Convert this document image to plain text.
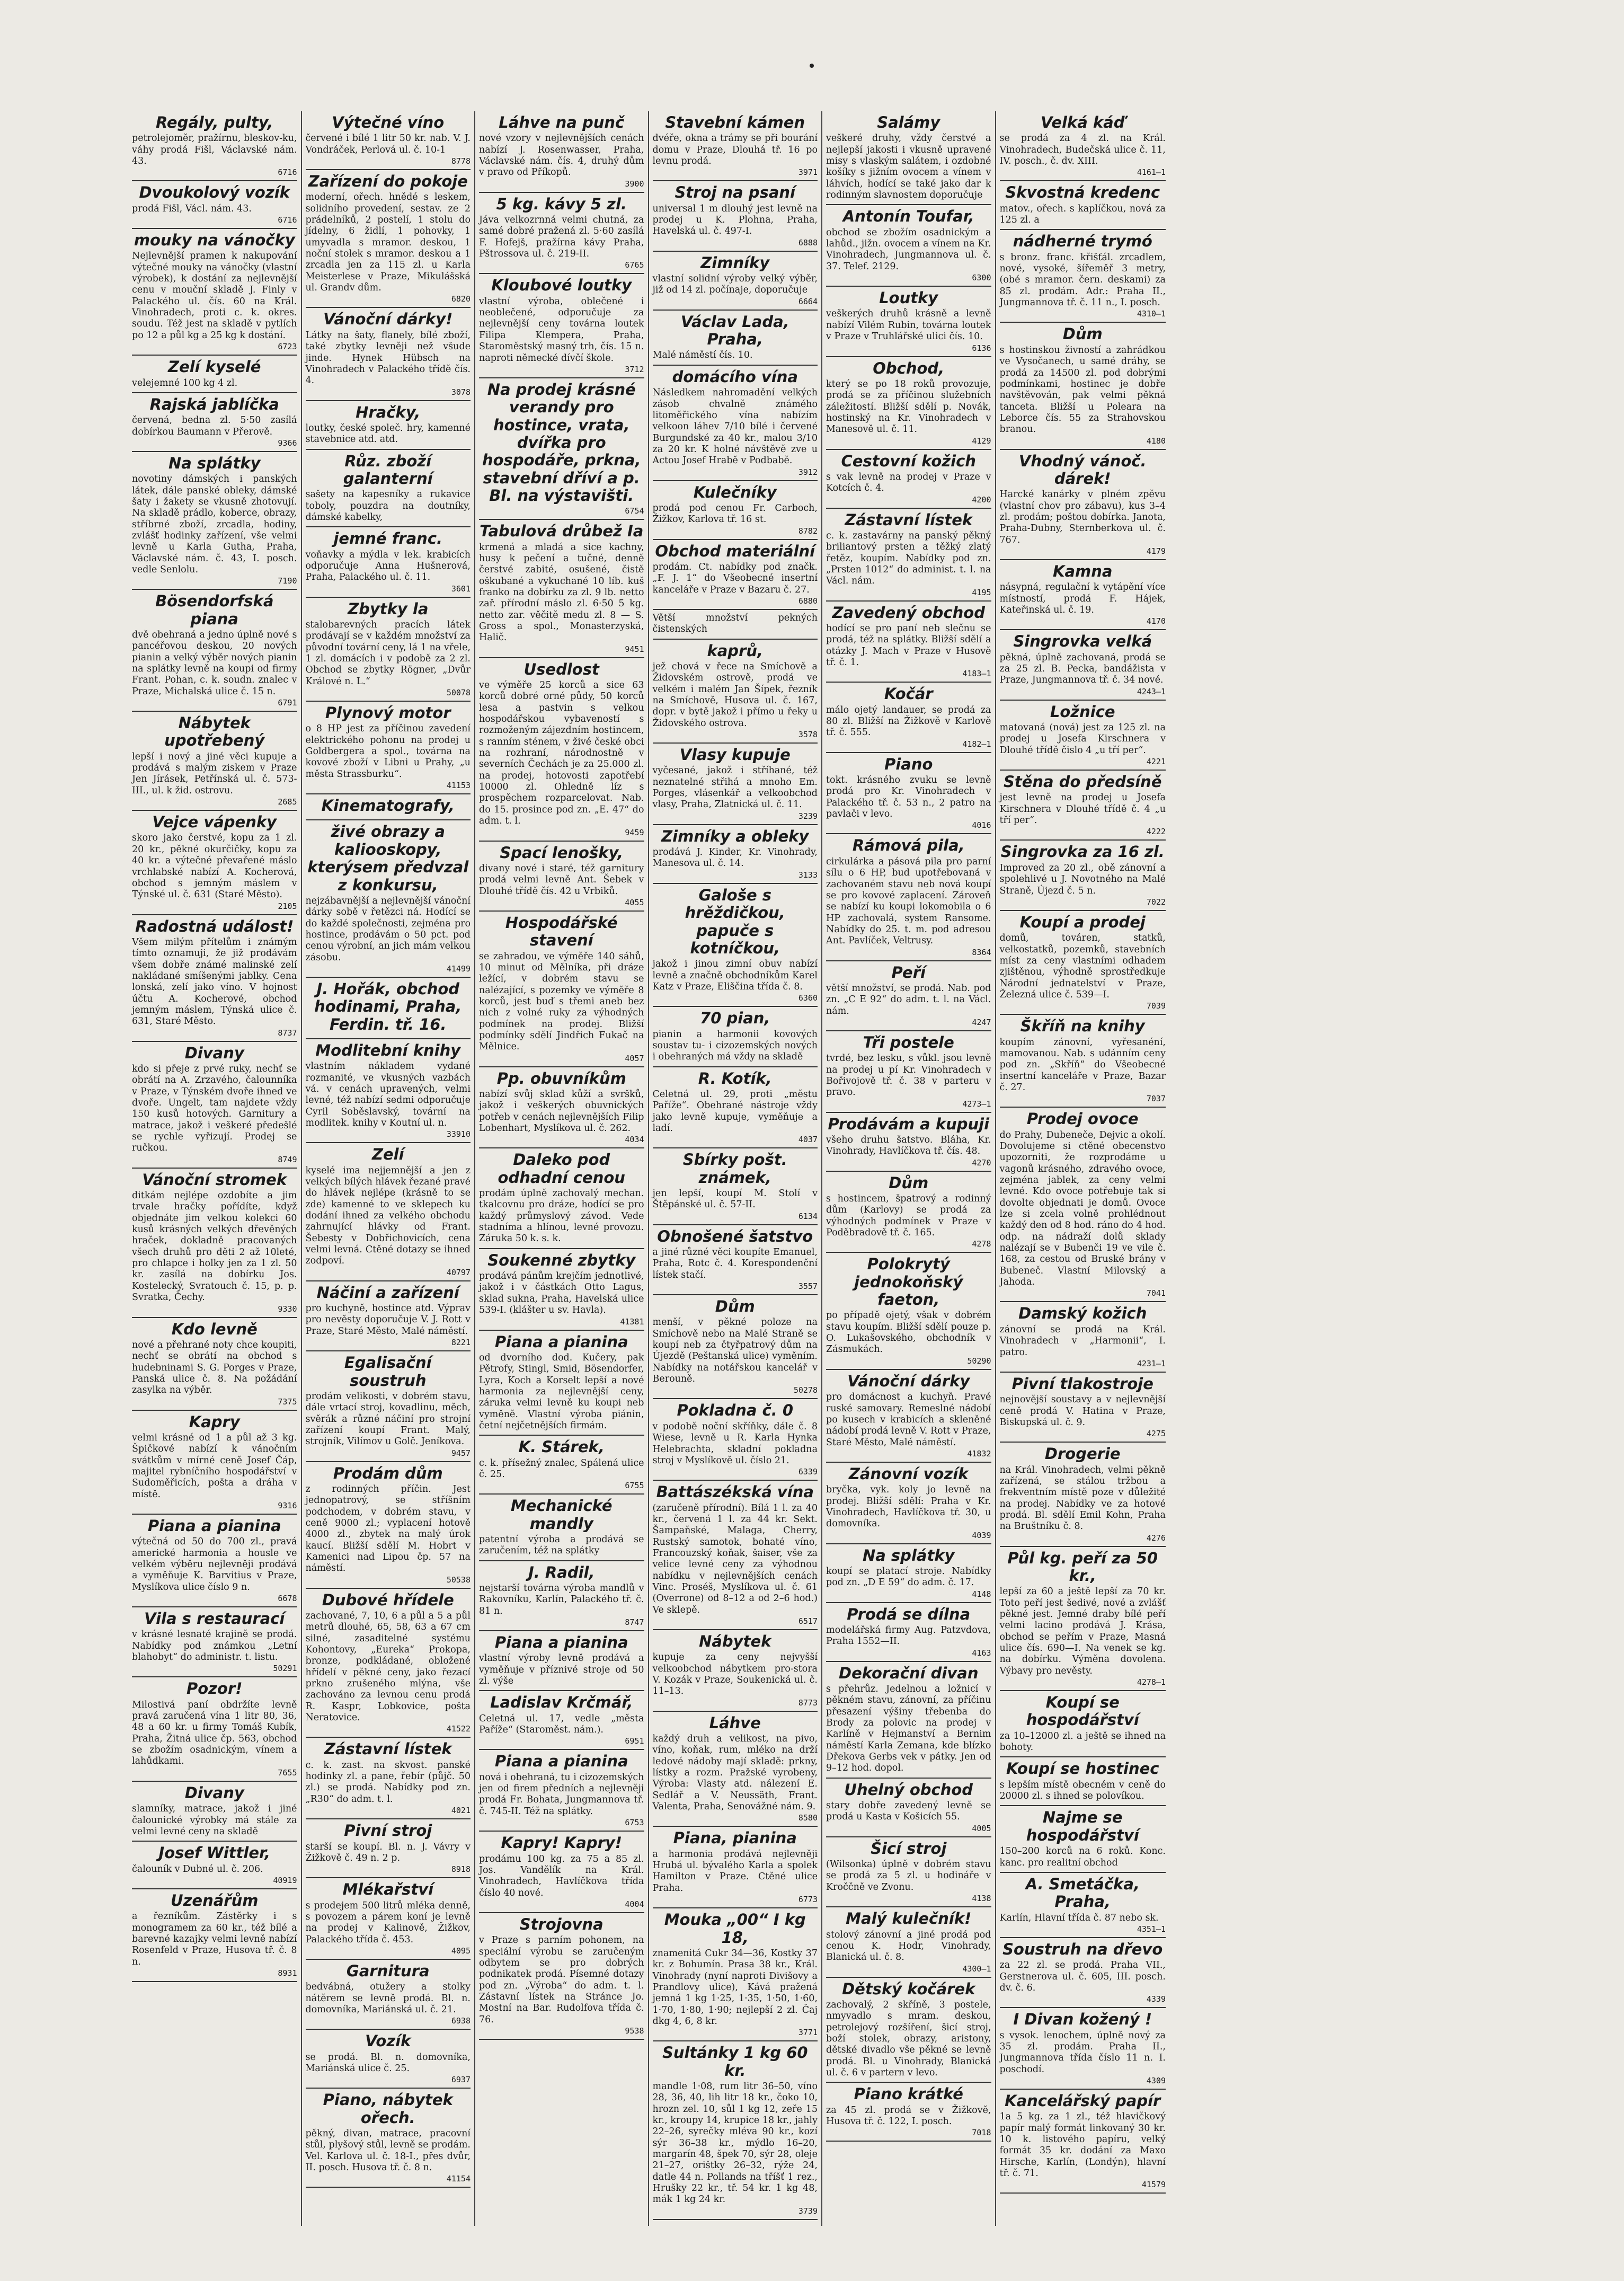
Regály, pulty,
petrolejoměr, pražírnu, bleskov-ku, váhy prodá Fišl, Václavské nám. 43.
6716
Dvoukolový vozík
prodá Fišl, Václ. nám. 43.
6716
mouky na vánočky
Nejlevnější pramen k nakupování výtečné mouky na vánočky (vlastní výrobek), k dostání za nejlevnější cenu v mouční skladě J. Finly v Palackého ul. čís. 60 na Král. Vinohradech, proti c. k. okres. soudu. Též jest na skladě v pytlích po 12 a půl kg a 25 kg k dostání.
6723
Zelí kyselé
velejemné 100 kg 4 zl.
Rajská jablíčka
červená, bedna zl. 5·50 zasílá dobírkou Baumann v Přerově.
9366
Na splátky
novotiny dámských i panských látek, dále panské obleky, dámské šaty i žakety se vkusně zhotovují. Na skladě prádlo, koberce, obrazy, stříbrné zboží, zrcadla, hodiny, zvlášť hodinky zařízení, vše velmi levně u Karla Gutha, Praha, Václavské nám. č. 43, I. posch. vedle Senlolu.
7190
Bösendorfská piana
dvě obehraná a jedno úplně nové s pancéřovou deskou, 20 nových pianin a velký výběr nových pianin na splátky levně na koupi od firmy Frant. Pohan, c. k. soudn. znalec v Praze, Michalská ulice č. 15 n.
6791
Nábytek upotřebený
lepší i nový a jiné věci kupuje a prodává s malým ziskem v Praze Jen Jírásek, Petřínská ul. č. 573-III., ul. k žid. ostrovu.
2685
Vejce vápenky
skoro jako čerstvé, kopu za 1 zl. 20 kr., pěkné okurčičky, kopu za 40 kr. a výtečné převařené máslo vrchlabské nabízí A. Kocherová, obchod s jemným máslem v Týnské ul. č. 631 (Staré Město).
2105
Radostná událost!
Všem milým přítelům i známým tímto oznamuji, že již prodávám všem dobře známé malinské zelí nakládané smíšenými jablky. Cena lonská, zelí jako víno. V hojnost účtu A. Kocherové, obchod jemným máslem, Týnská ulice č. 631, Staré Město.
8737
Divany
kdo si přeje z prvé ruky, nechť se obrátí na A. Zrzavého, čalounníka v Praze, v Týnském dvoře ihned ve dvoře. Ungelt, tam najdete vždy 150 kusů hotových. Garnitury a matrace, jakož i veškeré předešlé se rychle vyřizují. Prodej se ručkou.
8749
Vánoční stromek
ditkám nejlépe ozdobíte a jim trvale hračky pořídíte, když objednáte jim velkou kolekci 60 kusů krásných velkých dřevěných hraček, dokladně pracovaných všech druhů pro děti 2 až 10leté, pro chlapce i holky jen za 1 zl. 50 kr. zasílá na dobírku Jos. Kostelecký, Svratouch č. 15, p. p. Svratka, Čechy.
9330
Kdo levně
nové a přehrané noty chce koupiti, nechť se obrátí na obchod s hudebninami S. G. Porges v Praze, Panská ulice č. 8. Na požádání zasylka na výběr.
7375
Kapry
velmi krásné od 1 a půl až 3 kg. Špičkové nabízí k vánočním svátkům v mírné ceně Josef Čáp, majitel rybníčního hospodářství v Sudoměřicích, pošta a dráha v místě.
9316
Piana a pianina
výtečná od 50 do 700 zl., pravá americké harmonia a housle ve velkém výběru nejlevněji prodává a vyměňuje K. Barvitius v Praze, Myslíkova ulice číslo 9 n.
6678
Vila s restaurací
v krásné lesnaté krajině se prodá. Nabídky pod známkou „Letní blahobyt“ do administr. t. listu.
50291
Pozor!
Milostivá paní obdržíte levně pravá zaručená vína 1 litr 80, 36, 48 a 60 kr. u firmy Tomáš Kubík, Praha, Žitná ulice čp. 563, obchod se zbožím osadnickým, vínem a lahůdkami.
7655
Divany
slamníky, matrace, jakož i jiné čalounické výrobky má stále za velmi levné ceny na skladě
Josef Wittler,
čalouník v Dubné ul. č. 206.
40919
Uzenářům
a řezníkům. Zástěrky i s monogramem za 60 kr., též bílé a barevné kazajky velmi levně nabízí Rosenfeld v Praze, Husova tř. č. 8 n.
8931
Výtečné víno
červené i bílé 1 litr 50 kr. nab. V. J. Vondráček, Perlová ul. č. 10-1
8778
Zařízení do pokoje
moderní, ořech. hnědé s leskem, solidního provedení, sestav. ze 2 prádelníků, 2 postelí, 1 stolu do jídelny, 6 židlí, 1 pohovky, 1 umyvadla s mramor. deskou, 1 noční stolek s mramor. deskou a 1 zrcadla jen za 115 zl. u Karla Meisterlese v Praze, Mikulášská ul. Grandv dům.
6820
Vánoční dárky!
Látky na šaty, flanely, bílé zboží, také zbytky levněji než všude jinde. Hynek Hübsch na Vinohradech v Palackého třídě čís. 4.
3078
Hračky,
loutky, české společ. hry, kamenné stavebnice atd. atd.
Růz. zboží galanterní
sašety na kapesníky a rukavice toboly, pouzdra na doutníky, dámské kabelky,
jemné franc.
voňavky a mýdla v lek. krabicích odporučuje Anna Hušnerová, Praha, Palackého ul. č. 11.
3601
Zbytky la
stalobarevných pracích látek prodávají se v každém množství za původní tovární ceny, lá 1 na vřele, 1 zl. domácích i v podobě za 2 zl. Obchod se zbytky Rögner, „Dvůr Králové n. L.“
50078
Plynový motor
o 8 HP jest za příčinou zavedení elektrického pohonu na prodej u Goldbergera a spol., továrna na kovové zboží v Libni u Prahy, „u města Strassburku“.
41153
Kinematografy,
živé obrazy a kaliooskopy, kterýsem předvzal z konkursu,
nejzábavnější a nejlevnější vánoční dárky sobě v řetězci ná. Hodící se do každé společnosti, zejména pro hostince, prodávám o 50 pct. pod cenou výrobní, an jich mám velkou zásobu.
41499
J. Hořák, obchod hodinami, Praha, Ferdin. tř. 16.
Modlitební knihy
vlastním nákladem vydané rozmanité, ve vkusných vazbách vá. v cenách upravených, velmi levné, též nabízí sedmi odporučuje Cyril Soběslavský, tovární na modlitek. knihy v Koutní ul. n.
33910
Zelí
kyselé ima nejjemnější a jen z velkých bílých hlávek řezané pravé do hlávek nejlépe (krásně to se zde) kamenné to ve sklepech ku dodání ihned za velkého obchodu zahrnující hlávky od Frant. Šebesty v Dobřichovicích, cena velmi levná. Ctěné dotazy se ihned zodpoví.
40797
Náčiní a zařízení
pro kuchyně, hostince atd. Výprav pro nevěsty doporučuje V. J. Rott v Praze, Staré Město, Malé náměstí.
8221
Egalisační soustruh
prodám velikosti, v dobrém stavu, dále vrtací stroj, kovadlinu, měch, svěrák a různé náčiní pro strojní zařízení koupí Frant. Malý, strojník, Vilímov u Golč. Jeníkova.
9457
Prodám dům
z rodinných příčin. Jest jednopatrový, se stříšním podchodem, v dobrém stavu, v ceně 9000 zl.; vyplacení hotově 4000 zl., zbytek na malý úrok kaucí. Bližší sdělí M. Hobrt v Kamenici nad Lipou čp. 57 na náměstí.
50538
Dubové hřídele
zachované, 7, 10, 6 a půl a 5 a půl metrů dlouhé, 65, 58, 63 a 67 cm silné, zasaditelné systému Kohontovy, „Eureka“ Prokopa, bronze, podkládané, obložené hřídelí v pěkné ceny, jako řezací prkno zrušeného mlýna, vše zachováno za levnou cenu prodá R. Kaspr, Lobkovice, pošta Neratovice.
41522
Zástavní lístek
c. k. zast. na skvost. panské hodinky zl. a pane, řebír (půjč. 50 zl.) se prodá. Nabídky pod zn. „R30“ do adm. t. l.
4021
Pivní stroj
starší se koupí. Bl. n. J. Vávry v Žižkově č. 49 n. 2 p.
8918
Mlékařství
s prodejem 500 litrů mléka denně, s povozem a párem koní je levně na prodej v Kalinově, Žižkov, Palackého třída č. 453.
4095
Garnitura
bedvábná, otužery a stolky nátěrem se levně prodá. Bl. n. domovníka, Mariánská ul. č. 21.
6938
Vozík
se prodá. Bl. n. domovníka, Mariánská ulice č. 25.
6937
Piano, nábytek ořech.
pěkný, divan, matrace, pracovní stůl, plyšový stůl, levně se prodám. Vel. Karlova ul. č. 18-I., přes dvůr, II. posch. Husova tř. č. 8 n.
41154
Láhve na punč
nové vzory v nejlevnějších cenách nabízí J. Rosenwasser, Praha, Václavské nám. čís. 4, druhý dům v pravo od Příkopů.
3900
5 kg. kávy 5 zl.
Jáva velkozrnná velmi chutná, za samé dobré pražená zl. 5·60 zasílá F. Hofejš, pražírna kávy Praha, Pštrossova ul. č. 219-II.
6765
Kloubové loutky
vlastní výroba, oblečené i neoblečené, odporučuje za nejlevnější ceny továrna loutek Filipa Klempera, Praha, Staroměstský masný trh, čís. 15 n. naproti německé dívčí škole.
3712
Na prodej krásné verandy pro hostince, vrata, dvířka pro hospodáře, prkna, stavební dříví a p. Bl. na výstavišti.
6754
Tabulová drůbež Ia
krmená a mladá a sice kachny, husy k pečení a tučné, denně čerstvé zabité, osušené, čistě oškubané a vykuchané 10 líb. kuš franko na dobírku za zl. 9 lb. netto zař. přírodní máslo zl. 6·50 5 kg. netto zar. věčitě medu zl. 8 — S. Gross a spol., Monasterzyská, Halič.
9451
Usedlost
ve výměře 25 korců a sice 63 korců dobré orné půdy, 50 korců lesa a pastvin s velkou hospodářskou vybaveností s rozmoženým zájezdním hostincem, s ranním sténem, v živé české obci na rozhraní, národnostně v severních Čechách je za 25.000 zl. na prodej, hotovosti zapotřebí 10000 zl. Ohledně líz s prospěchem rozparcelovat. Nab. do 15. prosince pod zn. „E. 47“ do adm. t. l.
9459
Spací lenošky,
divany nové i staré, též garnitury prodá velmi levně Ant. Šebek v Dlouhé třídě čís. 42 u Vrbiků.
4055
Hospodářské stavení
se zahradou, ve výměře 140 sáhů, 10 minut od Mělníka, při dráze ležící, v dobrém stavu se nalézající, s pozemky ve výměře 8 korců, jest buď s třemi aneb bez nich z volné ruky za výhodných podmínek na prodej. Bližší podmínky sdělí Jindřich Fukač na Mělnice.
4057
Pp. obuvníkům
nabízí svůj sklad kůží a svršků, jakož i veškerých obuvnických potřeb v cenách nejlevnějších Filip Lobenhart, Myslíkova ul. č. 262.
4034
Daleko pod odhadní cenou
prodám úplně zachovalý mechan. tkalcovnu pro dráze, hodící se pro každý průmyslový závod. Vede stadníma a hlínou, levné provozu. Záruka 50 k. s. k.
Soukenné zbytky
prodává pánům krejčím jednotlivé, jakož i v částkách Otto Lagus, sklad sukna, Praha, Havelská ulice 539-I. (klášter u sv. Havla).
41381
Piana a pianina
od dvorního dod. Kučery, pak Pětrofy, Stingl, Smid, Bösendorfer, Lyra, Koch a Korselt lepší a nové harmonia za nejlevnější ceny, záruka velmi levně ku koupi neb vyměně. Vlastní výroba piánin, četní nejčetnějších firmám.
K. Stárek,
c. k. přísežný znalec, Spálená ulice č. 25.
6755
Mechanické mandly
patentní výroba a prodává se zaručením, též na splátky
J. Radil,
nejstarší továrna výroba mandlů v Rakovníku, Karlín, Palackého tř. č. 81 n.
8747
Piana a pianina
vlastní výroby levně prodává a vyměňuje v příznivé stroje od 50 zl. výše
Ladislav Krčmář,
Celetná ul. 17, vedle „města Paříže“ (Staroměst. nám.).
6951
Piana a pianina
nová i obehraná, tu i cizozemských jen od firem předních a nejlevněji prodá Fr. Bohata, Jungmannova tř. č. 745-II. Též na splátky.
6753
Kapry! Kapry!
prodámu 100 kg. za 75 a 85 zl. Jos. Vandělík na Král. Vinohradech, Havlíčkova třída číslo 40 nové.
4004
Strojovna
v Praze s parním pohonem, na speciální výrobu se zaručeným odbytem se pro dobrých podnikatek prodá. Písemné dotazy pod zn. „Výroba“ do adm. t. l. Zástavní lístek na Stránce Jo. Mostní na Bar. Rudolfova třída č. 76.
9538
Stavební kámen
dvéře, okna a trámy se při bourání domu v Praze, Dlouhá tř. 16 po levnu prodá.
3971
Stroj na psaní
universal 1 m dlouhý jest levně na prodej u K. Plohna, Praha, Havelská ul. č. 497-I.
6888
Zimníky
vlastní solidní výroby velký výběr, již od 14 zl. počínaje, doporučuje
6664
Václav Lada, Praha,
Malé náměstí čís. 10.
domácího vína
Následkem nahromadění velkých zásob chvalně známého litoměřického vína nabízím velkoon láhev 7/10 bílé i červené Burgundské za 40 kr., malou 3/10 za 20 kr. K holné návštěvě zve u Actou Josef Hrabě v Podbabě.
3912
Kulečníky
prodá pod cenou Fr. Carboch, Žižkov, Karlova tř. 16 st.
8782
Obchod materiální
prodám. Ct. nabídky pod značk. „F. J. 1“ do Všeobecné insertní kanceláře v Praze v Bazaru č. 27.
6880
Větší množství pekných čistenských
kaprů,
jež chová v řece na Smíchově a Židovském ostrově, prodá ve velkém i malém Jan Šípek, řezník na Smíchově, Husova ul. č. 167, dopr. v bytě jakož i přímo u řeky u Židovského ostrova.
3578
Vlasy kupuje
vyčesané, jakož i stříhané, též neznatelné střihá a mnoho Em. Porges, vlásenkář a velkoobchod vlasy, Praha, Zlatnická ul. č. 11.
3239
Zimníky a obleky
prodává J. Kinder, Kr. Vinohrady, Manesova ul. č. 14.
3133
Galoše s hrěždičkou, papuče s kotníčkou,
jakož i jinou zimní obuv nabízí levně a značně obchodníkům Karel Katz v Praze, Eliščina třída č. 8.
6360
70 pian,
pianin a harmonii kovových soustav tu- i cizozemských nových i obehraných má vždy na skladě
R. Kotík,
Celetná ul. 29, proti „městu Paříže“. Obehrané nástroje vždy jako levně kupuje, vyměňuje a ladí.
4037
Sbírky pošt. známek,
jen lepší, koupí M. Stolí v Štěpánské ul. č. 57-II.
6134
Obnošené šatstvo
a jiné různé věci koupíte Emanuel, Praha, Rotc č. 4. Korespondenční lístek stačí.
3557
Dům
menší, v pěkné poloze na Smíchově nebo na Malé Straně se koupí neb za čtyřpatrový dům na Újezdě (Peštanská ulice) vyměním. Nabídky na notářskou kancelář v Berouně.
50278
Pokladna č. 0
v podobě noční skříňky, dále č. 8 Wiese, levně u R. Karla Hynka Helebrachta, skladní pokladna stroj v Myslíkově ul. číslo 21.
6339
Battászékská vína
(zaručeně přírodní). Bílá 1 l. za 40 kr., červená 1 l. za 44 kr. Sekt. Šampaňské, Malaga, Cherry, Rustský samotok, bohaté víno, Francouzský koňak, šaiser, vše za velice levné ceny za výhodnou nabídku v nejlevnějších cenách Vinc. Proséš, Myslíkova ul. č. 61 (Overrone) od 8–12 a od 2–6 hod.) Ve sklepě.
6517
Nábytek
kupuje za ceny nejvyšší velkoobchod nábytkem pro-stora V. Kozák v Praze, Soukenická ul. č. 11–13.
8773
Láhve
každý druh a velikost, na pivo, víno, koňak, rum, mléko na drží ledové nádoby mají skladě: prkny, lístky a rozm. Pražské vyrobeny, Výroba: Vlasty atd. nálezení E. Sedlář a V. Neussäth, Frant. Valenta, Praha, Senovážné nám. 9.
8580
Piana, pianina
a harmonia prodává nejlevněji Hrubá ul. bývalého Karla a spolek Hamilton v Praze. Ctěné ulice Praha.
6773
Mouka „00“ I kg 18,
znamenitá Cukr 34—36, Kostky 37 kr. z Bohumín. Prasa 38 kr., Král. Vinohrady (nyní naproti Divišovy a Prandlovy ulice), Kává pražená jemná 1 kg 1·25, 1·35, 1·50, 1·60, 1·70, 1·80, 1·90; nejlepší 2 zl. Čaj dkg 4, 6, 8 kr.
3771
Sultánky 1 kg 60 kr.
mandle 1·08, rum litr 36–50, víno 28, 36, 40, lih litr 18 kr., čoko 10, hrozn zel. 10, sůl 1 kg 12, zeře 15 kr., kroupy 14, krupice 18 kr., jahly 22–26, syrečky mléva 90 kr., kozí sýr 36–38 kr., mýdlo 16–20, margarín 48, špek 70, sýr 28, oleje 21–27, orištky 26–32, rýže 24, datle 44 n. Pollands na tříšť 1 rez., Hrušky 22 kr., tř. 54 kr. 1 kg 48, mák 1 kg 24 kr.
3739
Salámy
veškeré druhy, vždy čerstvé a nejlepší jakosti i vkusně upravené misy s vlaským salátem, i ozdobné košíky s jižním ovocem a vínem v láhvích, hodící se také jako dar k rodinným slavnostem doporučuje
Antonín Toufar,
obchod se zbožím osadnickým a lahůd., jižn. ovocem a vínem na Kr. Vinohradech, Jungmannova ul. č. 37. Telef. 2129.
6300
Loutky
veškerých druhů krásně a levně nabízí Vilém Rubin, továrna loutek v Praze v Truhlářské ulici čís. 10.
6136
Obchod,
který se po 18 roků provozuje, prodá se za příčinou služebních záležitostí. Bližší sdělí p. Novák, hostinský na Kr. Vinohradech v Manesově ul. č. 11.
4129
Cestovní kožich
s vak levně na prodej v Praze v Kotcích č. 4.
4200
Zástavní lístek
c. k. zastavárny na panský pěkný briliantový prsten a těžký zlatý řetěz, koupím. Nabídky pod zn. „Prsten 1012“ do administ. t. l. na Václ. nám.
4195
Zavedený obchod
hodící se pro paní neb slečnu se prodá, též na splátky. Bližší sdělí a otázky J. Mach v Praze v Husově tř. č. 1.
4183—1
Kočár
málo ojetý landauer, se prodá za 80 zl. Bližší na Žižkově v Karlově tř. č. 555.
4182—1
Piano
tokt. krásného zvuku se levně prodá pro Kr. Vinohradech v Palackého tř. č. 53 n., 2 patro na pavlači v levo.
4016
Rámová pila,
cirkulárka a pásová pila pro parní sílu o 6 HP, bud upotřebovaná v zachovaném stavu neb nová koupí se pro kovové zaplacení. Zároveň se nabízí ku koupi lokomobila o 6 HP zachovalá, system Ransome. Nabídky do 25. t. m. pod adresou Ant. Pavlíček, Veltrusy.
8364
Peří
větší množství, se prodá. Nab. pod zn. „C E 92“ do adm. t. l. na Václ. nám.
4247
Tři postele
tvrdé, bez lesku, s vůkl. jsou levně na prodej u pí Kr. Vinohradech v Bořivojově tř. č. 38 v parteru v pravo.
4273—1
Prodávám a kupuji
všeho druhu šatstvo. Bláha, Kr. Vinohrady, Havlíčkova tř. čís. 48.
4270
Dům
s hostincem, špatrový a rodinný dům (Karlovy) se prodá za výhodných podmínek v Praze v Poděbradově tř. č. 165.
4278
Polokrytý jednokoňský faeton,
po případě ojetý, však v dobrém stavu koupím. Bližší sdělí pouze p. O. Lukašovského, obchodník v Zásmukách.
50290
Vánoční dárky
pro domácnost a kuchyň. Pravé ruské samovary. Remeslné nádobí po kusech v krabicích a skleněné nádobí prodá levně V. Rott v Praze, Staré Město, Malé náměstí.
41832
Zánovní vozík
bryčka, vyk. koly jo levně na prodej. Bližší sdělí: Praha v Kr. Vinohradech, Havlíčkova tř. 30, u domovníka.
4039
Na splátky
koupí se platací stroje. Nabídky pod zn. „D E 59“ do adm. č. 17.
4148
Prodá se dílna
modelářská firmy Aug. Patzvdova, Praha 1552—II.
4163
Dekorační divan
s přehrůz. Jedelnou a ložnicí v pěkném stavu, zánovní, za příčinu přesazení výšiny třebenba do Brody za polovic na prodej v Karlíně v Hejmanství a Bernim náměstí Karla Zemana, kde blízko Dřekova Gerbs vek v pátky. Jen od 9–12 hod. dopol.
Uhelný obchod
stary dobře zavedený levně se prodá u Kasta v Košicích 55.
4005
Šicí stroj
(Wilsonka) úplně v dobrém stavu se prodá za 5 zl. u hodináře v Kroččně ve Zvonu.
4138
Malý kulečník!
stolový zánovní a jiné prodá pod cenou K. Hodr, Vinohrady, Blanická ul. č. 8.
4300—1
Dětský kočárek
zachovalý, 2 skříně, 3 postele, nmyvadlo s mram. deskou, petrolejový rozšíření, šicí stroj, boží stolek, obrazy, aristony, dětské divadlo vše pěkné se levně prodá. Bl. u Vinohrady, Blanická ul. č. 6 v partern v levo.
Piano krátké
za 45 zl. prodá se v Žižkově, Husova tř. č. 122, I. posch.
7018
Velká káď
se prodá za 4 zl. na Král. Vinohradech, Budečská ulice č. 11, IV. posch., č. dv. XIII.
4161—1
Skvostná kredenc
matov., ořech. s kaplíčkou, nová za 125 zl. a
nádherné trymó
s bronz. franc. křišťál. zrcadlem, nové, vysoké, šířeměř 3 metry, (obé s mramor. čern. deskami) za 85 zl. prodám. Adr.: Praha II., Jungmannova tř. č. 11 n., I. posch.
4310—1
Dům
s hostinskou živností a zahrádkou ve Vysočanech, u samé dráhy, se prodá za 14500 zl. pod dobrými podmínkami, hostinec je dobře navštěvován, pak velmi pěkná tanceta. Bližší u Poleara na Leborce čís. 55 za Strahovskou branou.
4180
Vhodný vánoč. dárek!
Harcké kanárky v plném zpěvu (vlastní chov pro zábavu), kus 3–4 zl. prodám; poštou dobírka. Janota, Praha-Dubny, Sternberkova ul. č. 767.
4179
Kamna
násypná, regulační k vytápění více místností, prodá F. Hájek, Kateřinská ul. č. 19.
4170
Singrovka velká
pěkná, úplně zachovaná, prodá se za 25 zl. B. Pecka, bandážista v Praze, Jungmannova tř. č. 34 nové.
4243—1
Ložnice
matovaná (nová) jest za 125 zl. na prodej u Josefa Kirschnera v Dlouhé třídě čislo 4 „u tří per“.
4221
Stěna do předsíně
jest levně na prodej u Josefa Kirschnera v Dlouhé třídě č. 4 „u tří per“.
4222
Singrovka za 16 zl.
Improved za 20 zl., obě zánovní a spolehlivé u J. Novotného na Malé Straně, Újezd č. 5 n.
7022
Koupí a prodej
domů, továren, statků, velkostatků, pozemků, stavebních míst za ceny vlastními odhadem zjištěnou, výhodně sprostředkuje Národní jednatelství v Praze, Železná ulice č. 539—I.
7039
Škříň na knihy
koupím zánovní, vyřesanéní, mamovanou. Nab. s udánním ceny pod zn. „Skříň“ do Všeobecné insertní kanceláře v Praze, Bazar č. 27.
7037
Prodej ovoce
do Prahy, Dubeneče, Dejvic a okolí. Dovolujeme si ctěné obecenstvo upozorniti, že rozprodáme u vagonů krásného, zdravého ovoce, zejména jablek, za ceny velmi levné. Kdo ovoce potřebuje tak si dovolte objednati je domů. Ovoce lze si zcela volně prohlédnout každý den od 8 hod. ráno do 4 hod. odp. na nádraží dolů sklady nalézají se v Bubenči 19 ve vile č. 168, za cestou od Bruské brány v Bubeneč. Vlastní Milovský a Jahoda.
7041
Damský kožich
zánovní se prodá na Král. Vinohradech v „Harmonii“, I. patro.
4231—1
Pivní tlakostroje
nejnovější soustavy a v nejlevnější ceně prodá V. Hatina v Praze, Biskupská ul. č. 9.
4275
Drogerie
na Král. Vinohradech, velmi pěkně zařízená, se stálou tržbou a frekventním místě poze v důležité na prodej. Nabídky ve za hotové prodá. Bl. sdělí Emil Kohn, Praha na Bruštníku č. 8.
4276
Půl kg. peří za 50 kr.,
lepší za 60 a ještě lepší za 70 kr. Toto peří jest šedivé, nové a zvlášť pěkné jest. Jemné draby bílé peří velmi lacino prodává J. Krása, obchod se peřím v Praze, Masná ulice čís. 690—I. Na venek se kg. na dobírku. Výměna dovolena. Výbavy pro nevěsty.
4278—1
Koupí se hospodářství
za 10–12000 zl. a ještě se ihned na bohoty.
Koupí se hostinec
s lepším místě obecném v ceně do 20000 zl. s ihned se polovíkou.
Najme se hospodářství
150–200 korců na 6 roků. Konc. kanc. pro realitní obchod
A. Smetáčka, Praha,
Karlín, Hlavní třída č. 87 nebo sk.
4351—1
Soustruh na dřevo
za 22 zl. se prodá. Praha VII., Gerstnerova ul. č. 605, III. posch. dv. č. 6.
4339
I Divan kožený !
s vysok. lenochem, úplně nový za 35 zl. prodám. Praha II., Jungmannova třída číslo 11 n. I. poschodí.
4309
Kancelářský papír
1a 5 kg. za 1 zl., též hlavičkový papír malý formát linkovaný 30 kr. 10 k. listového papíru, velký formát 35 kr. dodání za Maxo Hirsche, Karlín, (Londýn), hlavní tř. č. 71.
41579
